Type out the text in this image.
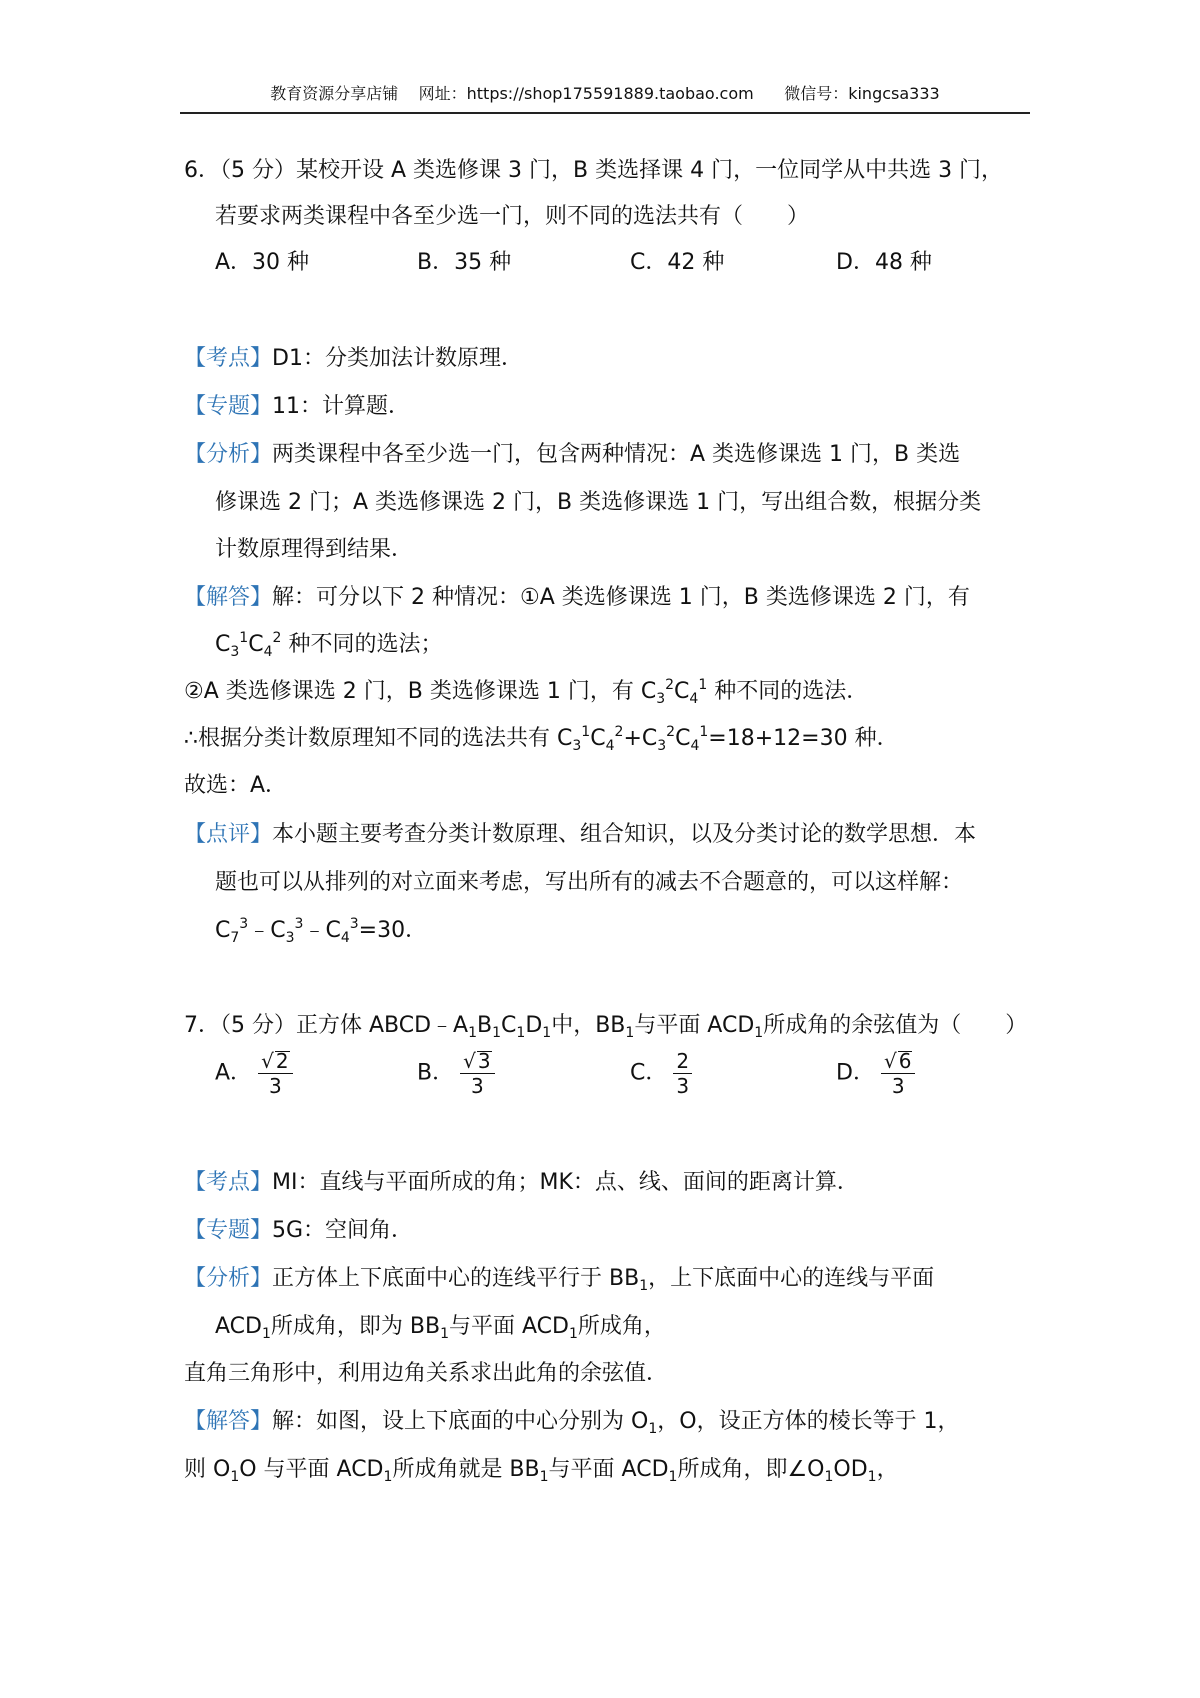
教育资源分享店铺 网址：https://shop175591889.taobao.com 微信号：kingcsa333
6．（5 分）某校开设 A 类选修课 3 门，B 类选择课 4 门，一位同学从中共选 3 门，
若要求两类课程中各至少选一门，则不同的选法共有（　　）
A．30 种	B．35 种	C．42 种	D．48 种
【考点】D1：分类加法计数原理．
【专题】11：计算题．
【分析】两类课程中各至少选一门，包含两种情况：A 类选修课选 1 门，B 类选
修课选 2 门；A 类选修课选 2 门，B 类选修课选 1 门，写出组合数，根据分类
计数原理得到结果．
【解答】解：可分以下 2 种情况：①A 类选修课选 1 门，B 类选修课选 2 门，有
$C_3^1C_4^2$ 种不同的选法；
②A 类选修课选 2 门，B 类选修课选 1 门，有 $C_3^2C_4^1$ 种不同的选法．
∴根据分类计数原理知不同的选法共有 $C_3^1C_4^2+C_3^2C_4^1=18+12=30$ 种．
故选：A．
【点评】本小题主要考查分类计数原理、组合知识，以及分类讨论的数学思想．本
题也可以从排列的对立面来考虑，写出所有的减去不合题意的，可以这样解：
$C_7^3﹣C_3^3﹣C_4^3=30$．
7．（5 分）正方体 $ABCD﹣A_1B_1C_1D_1$中，$BB_1$与平面 $ACD_1$所成角的余弦值为（　　）
A． $\frac{√ 2}{3}$	B． $\frac{√ 3}{3}$	C． $\frac{2}{3}$	D． $\frac{√ 6}{3}$
【考点】MI：直线与平面所成的角；MK：点、线、面间的距离计算．
【专题】5G：空间角．
【分析】正方体上下底面中心的连线平行于 $BB_1$，上下底面中心的连线与平面
$ACD_1$所成角，即为 $BB_1$与平面 $ACD_1$所成角，
直角三角形中，利用边角关系求出此角的余弦值．
【解答】解：如图，设上下底面的中心分别为 $O_1$，O，设正方体的棱长等于 1，
则 $O_1O$ 与平面 $ACD_1$所成角就是 $BB_1$与平面 $ACD_1$所成角，即$\angle O_1OD_1$，
